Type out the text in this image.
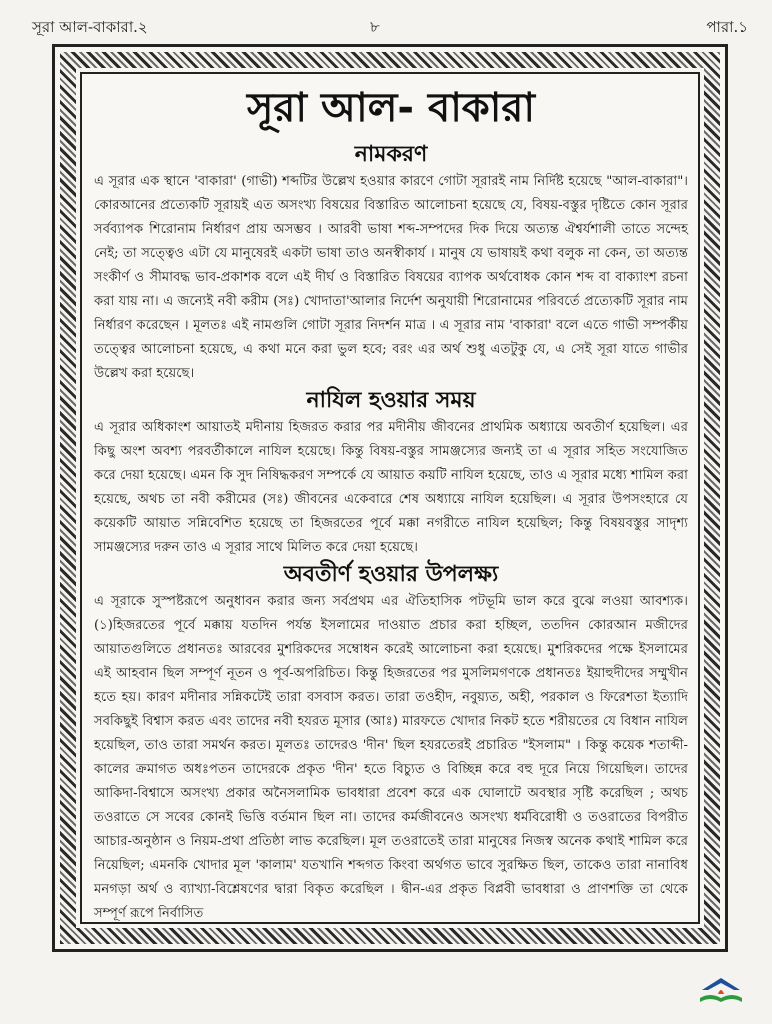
সূরা আল-বাকারা.২	৮	পারা.১
সূরা আল- বাকারা
নামকরণ

এ সূরার এক স্থানে 'বাকারা' (গাভী) শব্দটির উল্লেখ হওয়ার কারণে গোটা সূরারই নাম নির্দিষ্ট হয়েছে "আল-বাকারা"। কোরআনের প্রত্যেকটি সূরায়ই এত অসংখ্য বিষয়ের বিস্তারিত আলোচনা হয়েছে যে, বিষয়-বস্তুর দৃষ্টিতে কোন সূরার সর্বব্যাপক শিরোনাম নির্ধারণ প্রায় অসম্ভব । আরবী ভাষা শব্দ-সম্পদের দিক দিয়ে অত্যন্ত ঐশ্বর্যশালী তাতে সন্দেহ নেই; তা সত্ত্বেও এটা যে মানুষেরই একটা ভাষা তাও অনস্বীকার্য । মানুষ যে ভাষায়ই কথা বলুক না কেন, তা অত্যন্ত সংকীর্ণ ও সীমাবদ্ধ ভাব-প্রকাশক বলে এই দীর্ঘ ও বিস্তারিত বিষয়ের ব্যাপক অর্থবোধক কোন শব্দ বা বাক্যাংশ রচনা করা যায় না। এ জন্যেই নবী করীম (সঃ) খোদাতা'আলার নির্দেশ অনুযায়ী শিরোনামের পরিবর্তে প্রত্যেকটি সূরার নাম নির্ধারণ করেছেন । মূলতঃ এই নামগুলি গোটা সূরার নিদর্শন মাত্র । এ সূরার নাম 'বাকারা' বলে এতে গাভী সম্পর্কীয় তত্ত্বের আলোচনা হয়েছে, এ কথা মনে করা ভুল হবে; বরং এর অর্থ শুধু এতটুকু যে, এ সেই সূরা যাতে গাভীর উল্লেখ করা হয়েছে।

নাযিল হওয়ার সময়

এ সূরার অধিকাংশ আয়াতই মদীনায় হিজরত করার পর মদীনীয় জীবনের প্রাথমিক অধ্যায়ে অবতীর্ণ হয়েছিল। এর কিছু অংশ অবশ্য পরবর্তীকালে নাযিল হয়েছে। কিন্তু বিষয়-বস্তুর সামঞ্জস্যের জন্যই তা এ সূরার সহিত সংযোজিত করে দেয়া হয়েছে। এমন কি সুদ নিষিদ্ধকরণ সম্পর্কে যে আয়াত কয়টি নাযিল হয়েছে, তাও এ সূরার মধ্যে শামিল করা হয়েছে, অথচ তা নবী করীমের (সঃ) জীবনের একেবারে শেষ অধ্যায়ে নাযিল হয়েছিল। এ সূরার উপসংহারে যে কয়েকটি আয়াত সন্নিবেশিত হয়েছে তা হিজরতের পূর্বে মক্কা নগরীতে নাযিল হয়েছিল; কিন্তু বিষয়বস্তুর সাদৃশ্য সামঞ্জস্যের দরুন তাও এ সূরার সাথে মিলিত করে দেয়া হয়েছে।

অবতীর্ণ হওয়ার উপলক্ষ্য

এ সূরাকে সুস্পষ্টরূপে অনুধাবন করার জন্য সর্বপ্রথম এর ঐতিহাসিক পটভূমি ভাল করে বুঝে লওয়া আবশ্যক। (১)হিজরতের পূর্বে মক্কায় যতদিন পর্যন্ত ইসলামের দাওয়াত প্রচার করা হচ্ছিল, ততদিন কোরআন মজীদের আয়াতগুলিতে প্রধানতঃ আরবের মুশরিকদের সম্বোধন করেই আলোচনা করা হয়েছে। মুশরিকদের পক্ষে ইসলামের এই আহবান ছিল সম্পূর্ণ নূতন ও পূর্ব-অপরিচিত। কিন্তু হিজরতের পর মুসলিমগণকে প্রধানতঃ ইয়াহুদীদের সম্মুখীন হতে হয়। কারণ মদীনার সন্নিকটেই তারা বসবাস করত। তারা তওহীদ, নবুয়্যত, অহী, পরকাল ও ফিরেশতা ইত্যাদি সবকিছুই বিশ্বাস করত এবং তাদের নবী হযরত মূসার (আঃ) মারফতে খোদার নিকট হতে শরীয়তের যে বিধান নাযিল হয়েছিল, তাও তারা সমর্থন করত। মূলতঃ তাদেরও 'দীন' ছিল হযরতেরই প্রচারিত "ইসলাম" । কিন্তু কয়েক শতাব্দী-কালের ক্রমাগত অধঃপতন তাদেরকে প্রকৃত 'দীন' হতে বিচ্যুত ও বিচ্ছিন্ন করে বহু দূরে নিয়ে গিয়েছিল। তাদের আকিদা-বিশ্বাসে অসংখ্য প্রকার অনৈসলামিক ভাবধারা প্রবেশ করে এক ঘোলাটে অবস্থার সৃষ্টি করেছিল ; অথচ তওরাতে সে সবের কোনই ভিত্তি বর্তমান ছিল না। তাদের কর্মজীবনেও অসংখ্য ধর্মবিরোধী ও তওরাতের বিপরীত আচার-অনুষ্ঠান ও নিয়ম-প্রথা প্রতিষ্ঠা লাভ করেছিল। মূল তওরাতেই তারা মানুষের নিজস্ব অনেক কথাই শামিল করে নিয়েছিল; এমনকি খোদার মূল 'কালাম' যতখানি শব্দগত কিংবা অর্থগত ভাবে সুরক্ষিত ছিল, তাকেও তারা নানাবিধ মনগড়া অর্থ ও ব্যাখ্যা-বিশ্লেষণের দ্বারা বিকৃত করেছিল । দ্বীন-এর প্রকৃত বিপ্লবী ভাবধারা ও প্রাণশক্তি তা থেকে সম্পূর্ণ রূপে নির্বাসিত
